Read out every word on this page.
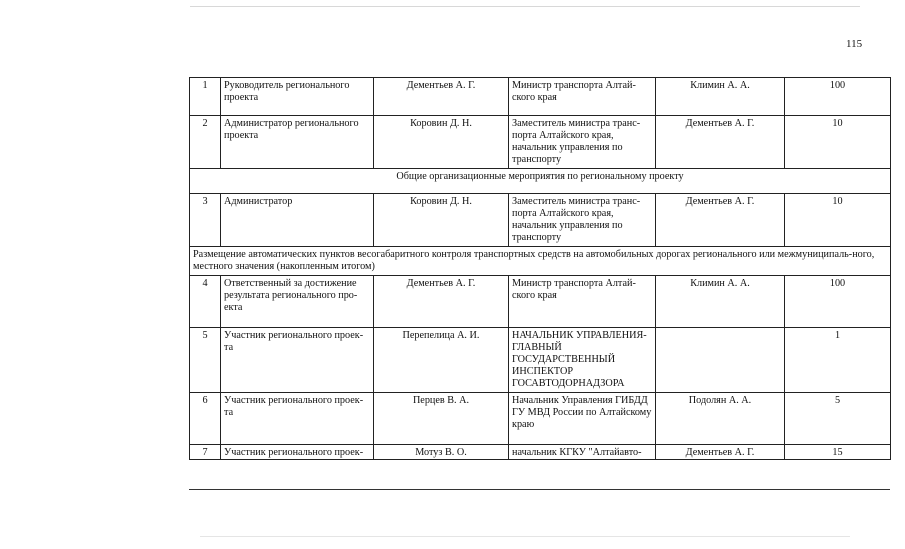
115
1	Руководитель регионального проекта	Дементьев А. Г.	Министр транспорта Алтай-ского края	Климин А. А.	100
2	Администратор регионального проекта	Коровин Д. Н.	Заместитель министра транс-порта Алтайского края, начальник управления по транспорту	Дементьев А. Г.	10
Общие организационные мероприятия по региональному проекту					
3	Администратор	Коровин Д. Н.	Заместитель министра транс-порта Алтайского края, начальник управления по транспорту	Дементьев А. Г.	10
Размещение автоматических пунктов весогабаритного контроля транспортных средств на автомобильных дорогах регионального или межмуниципаль-ного, местного значения (накопленным итогом)					
4	Ответственный за достижение результата регионального про-екта	Дементьев А. Г.	Министр транспорта Алтай-ского края	Климин А. А.	100
5	Участник регионального проек-та	Перепелица А. И.	НАЧАЛЬНИК УПРАВЛЕНИЯ-ГЛАВНЫЙ ГОСУДАРСТВЕННЫЙ ИНСПЕКТОР ГОСАВТОДОРНАДЗОРА		1
6	Участник регионального проек-та	Перцев В. А.	Начальник Управления ГИБДД ГУ МВД России по Алтайскому краю	Подолян А. А.	5
7	Участник регионального проек-	Мотуз В. О.	начальник КГКУ "Алтайавто-	Дементьев А. Г.	15
